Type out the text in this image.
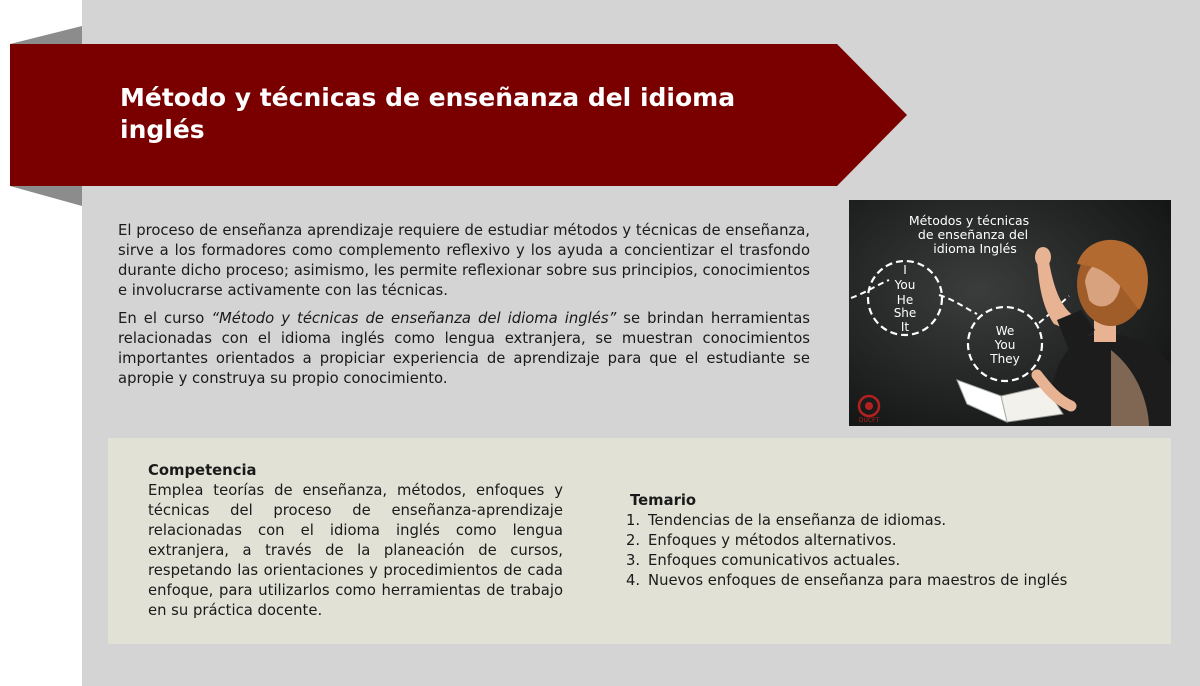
Método y técnicas de enseñanza del idioma inglés

El proceso de enseñanza aprendizaje requiere de estudiar métodos y técnicas de enseñanza, sirve a los formadores como complemento reflexivo y los ayuda a concientizar el trasfondo durante dicho proceso; asimismo, les permite reflexionar sobre sus principios, conocimientos e involucrarse activamente con las técnicas.

En el curso “Método y técnicas de enseñanza del idioma inglés” se brindan herramientas relacionadas con el idioma inglés como lengua extranjera, se muestran conocimientos importantes orientados a propiciar experiencia de aprendizaje para que el estudiante se apropie y construya su propio conocimiento.

Métodos y técnicas
de enseñanza del
idioma Inglés
I
You
He
She
It	We
You
They
DUCFT
Competencia
Emplea teorías de enseñanza, métodos, enfoques y técnicas del proceso de enseñanza-aprendizaje relacionadas con el idioma inglés como lengua extranjera, a través de la planeación de cursos, respetando las orientaciones y procedimientos de cada enfoque, para utilizarlos como herramientas de trabajo en su práctica docente.
Temario
1. Tendencias de la enseñanza de idiomas.
2. Enfoques y métodos alternativos.
3. Enfoques comunicativos actuales.
4. Nuevos enfoques de enseñanza para maestros de inglés
